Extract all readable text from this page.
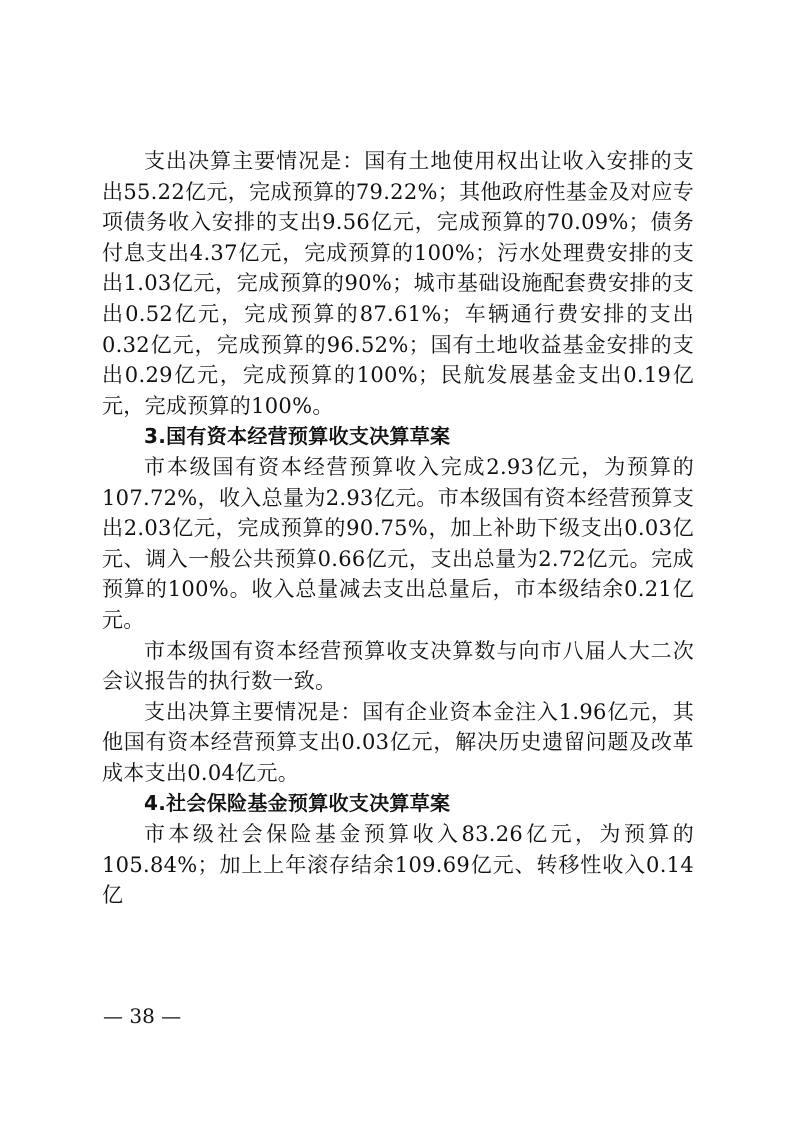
支出决算主要情况是：国有土地使用权出让收入安排的支出55.22亿元，完成预算的79.22%；其他政府性基金及对应专项债务收入安排的支出9.56亿元，完成预算的70.09%；债务付息支出4.37亿元，完成预算的100%；污水处理费安排的支出1.03亿元，完成预算的90%；城市基础设施配套费安排的支出0.52亿元，完成预算的87.61%；车辆通行费安排的支出0.32亿元，完成预算的96.52%；国有土地收益基金安排的支出0.29亿元，完成预算的100%；民航发展基金支出0.19亿元，完成预算的100%。

3.国有资本经营预算收支决算草案

市本级国有资本经营预算收入完成2.93亿元，为预算的107.72%，收入总量为2.93亿元。市本级国有资本经营预算支出2.03亿元，完成预算的90.75%，加上补助下级支出0.03亿元、调入一般公共预算0.66亿元，支出总量为2.72亿元。完成预算的100%。收入总量减去支出总量后，市本级结余0.21亿元。

市本级国有资本经营预算收支决算数与向市八届人大二次会议报告的执行数一致。

支出决算主要情况是：国有企业资本金注入1.96亿元，其他国有资本经营预算支出0.03亿元，解决历史遗留问题及改革成本支出0.04亿元。

4.社会保险基金预算收支决算草案

市本级社会保险基金预算收入83.26亿元，为预算的105.84%；加上上年滚存结余109.69亿元、转移性收入0.14亿

— 38 —
